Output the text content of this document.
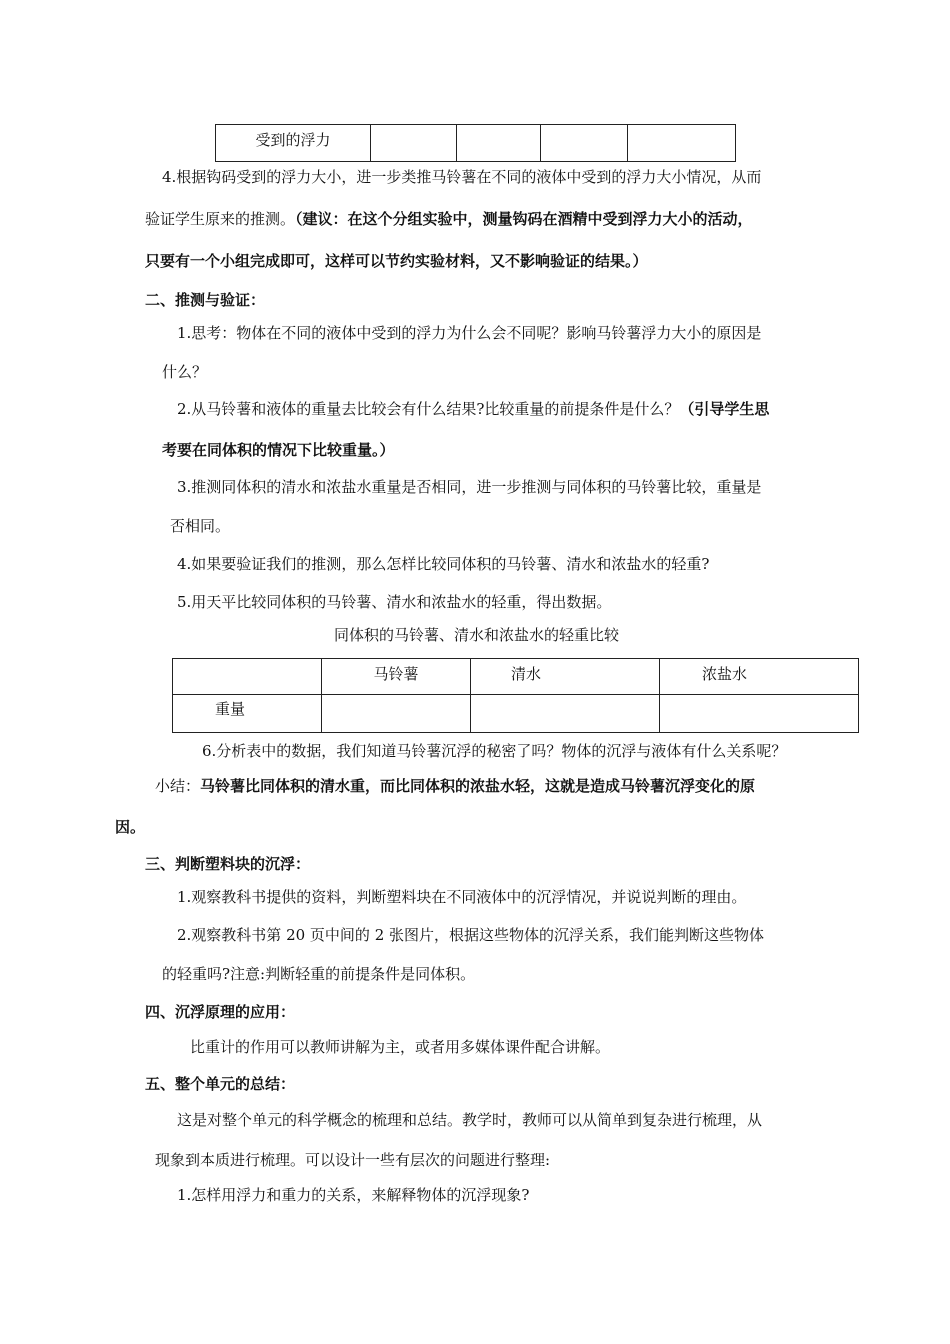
受到的浮力				
4.根据钩码受到的浮力大小，进一步类推马铃薯在不同的液体中受到的浮力大小情况，从而
验证学生原来的推测。（建议：在这个分组实验中，测量钩码在酒精中受到浮力大小的活动，
只要有一个小组完成即可，这样可以节约实验材料，又不影响验证的结果。）
二、推测与验证：
1.思考：物体在不同的液体中受到的浮力为什么会不同呢？影响马铃薯浮力大小的原因是
什么？
2.从马铃薯和液体的重量去比较会有什么结果?比较重量的前提条件是什么？（引导学生思
考要在同体积的情况下比较重量。）
3.推测同体积的清水和浓盐水重量是否相同，进一步推测与同体积的马铃薯比较，重量是
否相同。
4.如果要验证我们的推测，那么怎样比较同体积的马铃薯、清水和浓盐水的轻重?
5.用天平比较同体积的马铃薯、清水和浓盐水的轻重，得出数据。
同体积的马铃薯、清水和浓盐水的轻重比较
	马铃薯	清水	浓盐水
重量			
6.分析表中的数据，我们知道马铃薯沉浮的秘密了吗？物体的沉浮与液体有什么关系呢？
小结：马铃薯比同体积的清水重，而比同体积的浓盐水轻，这就是造成马铃薯沉浮变化的原
因。
三、判断塑料块的沉浮：
1.观察教科书提供的资料，判断塑料块在不同液体中的沉浮情况，并说说判断的理由。
2.观察教科书第 20 页中间的 2 张图片，根据这些物体的沉浮关系，我们能判断这些物体
的轻重吗?注意:判断轻重的前提条件是同体积。
四、沉浮原理的应用：
比重计的作用可以教师讲解为主，或者用多媒体课件配合讲解。
五、整个单元的总结：
这是对整个单元的科学概念的梳理和总结。教学时，教师可以从简单到复杂进行梳理，从
现象到本质进行梳理。可以设计一些有层次的问题进行整理:
1.怎样用浮力和重力的关系，来解释物体的沉浮现象?
